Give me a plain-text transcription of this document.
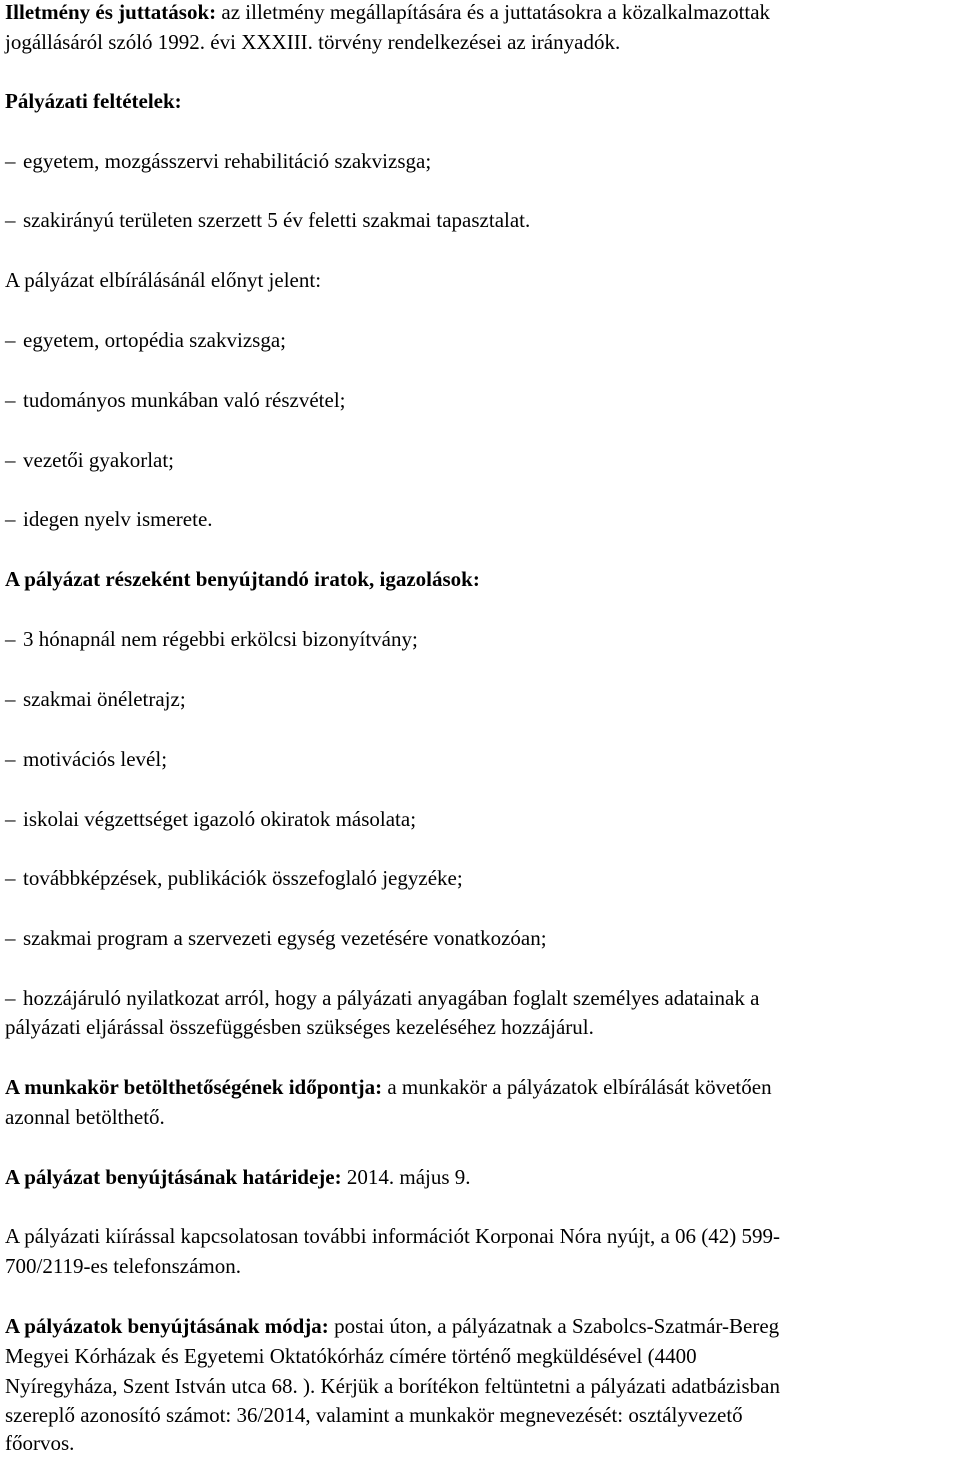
Illetmény és juttatások: az illetmény megállapítására és a juttatásokra a közalkalmazottak
jogállásáról szóló 1992. évi XXXIII. törvény rendelkezései az irányadók.
Pályázati feltételek:
– egyetem, mozgásszervi rehabilitáció szakvizsga;
– szakirányú területen szerzett 5 év feletti szakmai tapasztalat.
A pályázat elbírálásánál előnyt jelent:
– egyetem, ortopédia szakvizsga;
– tudományos munkában való részvétel;
– vezetői gyakorlat;
– idegen nyelv ismerete.
A pályázat részeként benyújtandó iratok, igazolások:
– 3 hónapnál nem régebbi erkölcsi bizonyítvány;
– szakmai önéletrajz;
– motivációs levél;
– iskolai végzettséget igazoló okiratok másolata;
– továbbképzések, publikációk összefoglaló jegyzéke;
– szakmai program a szervezeti egység vezetésére vonatkozóan;
– hozzájáruló nyilatkozat arról, hogy a pályázati anyagában foglalt személyes adatainak a
pályázati eljárással összefüggésben szükséges kezeléséhez hozzájárul.
A munkakör betölthetőségének időpontja: a munkakör a pályázatok elbírálását követően
azonnal betölthető.
A pályázat benyújtásának határideje: 2014. május 9.
A pályázati kiírással kapcsolatosan további információt Korponai Nóra nyújt, a 06 (42) 599-
700/2119-es telefonszámon.
A pályázatok benyújtásának módja: postai úton, a pályázatnak a Szabolcs-Szatmár-Bereg
Megyei Kórházak és Egyetemi Oktatókórház címére történő megküldésével (4400
Nyíregyháza, Szent István utca 68. ). Kérjük a borítékon feltüntetni a pályázati adatbázisban
szereplő azonosító számot: 36/2014, valamint a munkakör megnevezését: osztályvezető
főorvos.
